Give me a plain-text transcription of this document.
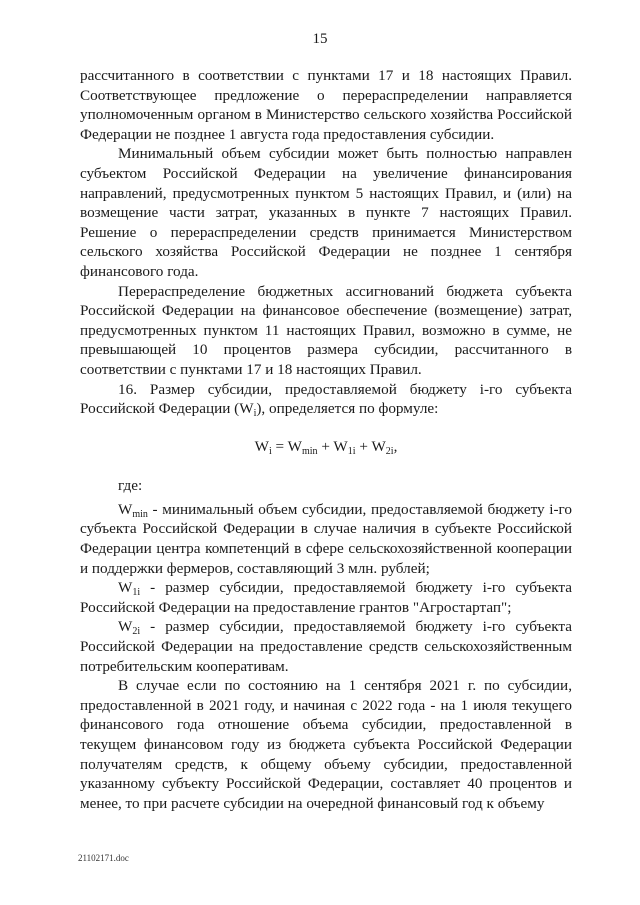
15

рассчитанного в соответствии с пунктами 17 и 18 настоящих Правил. Соответствующее предложение о перераспределении направляется уполномоченным органом в Министерство сельского хозяйства Российской Федерации не позднее 1 августа года предоставления субсидии.

Минимальный объем субсидии может быть полностью направлен субъектом Российской Федерации на увеличение финансирования направлений, предусмотренных пунктом 5 настоящих Правил, и (или) на возмещение части затрат, указанных в пункте 7 настоящих Правил. Решение о перераспределении средств принимается Министерством сельского хозяйства Российской Федерации не позднее 1 сентября финансового года.

Перераспределение бюджетных ассигнований бюджета субъекта Российской Федерации на финансовое обеспечение (возмещение) затрат, предусмотренных пунктом 11 настоящих Правил, возможно в сумме, не превышающей 10 процентов размера субсидии, рассчитанного в соответствии с пунктами 17 и 18 настоящих Правил.

16. Размер субсидии, предоставляемой бюджету i-го субъекта Российской Федерации $(W_i)$, определяется по формуле:

$W_i = W_{min} + W_{1i} + W_{2i}$,

где:

$W_{min}$ - минимальный объем субсидии, предоставляемой бюджету i-го субъекта Российской Федерации в случае наличия в субъекте Российской Федерации центра компетенций в сфере сельскохозяйственной кооперации и поддержки фермеров, составляющий 3 млн. рублей;

$W_{1i}$ - размер субсидии, предоставляемой бюджету i-го субъекта Российской Федерации на предоставление грантов "Агростартап";

$W_{2i}$ - размер субсидии, предоставляемой бюджету i-го субъекта Российской Федерации на предоставление средств сельскохозяйственным потребительским кооперативам.

В случае если по состоянию на 1 сентября 2021 г. по субсидии, предоставленной в 2021 году, и начиная с 2022 года - на 1 июля текущего финансового года отношение объема субсидии, предоставленной в текущем финансовом году из бюджета субъекта Российской Федерации получателям средств, к общему объему субсидии, предоставленной указанному субъекту Российской Федерации, составляет 40 процентов и менее, то при расчете субсидии на очередной финансовый год к объему

21102171.doc
